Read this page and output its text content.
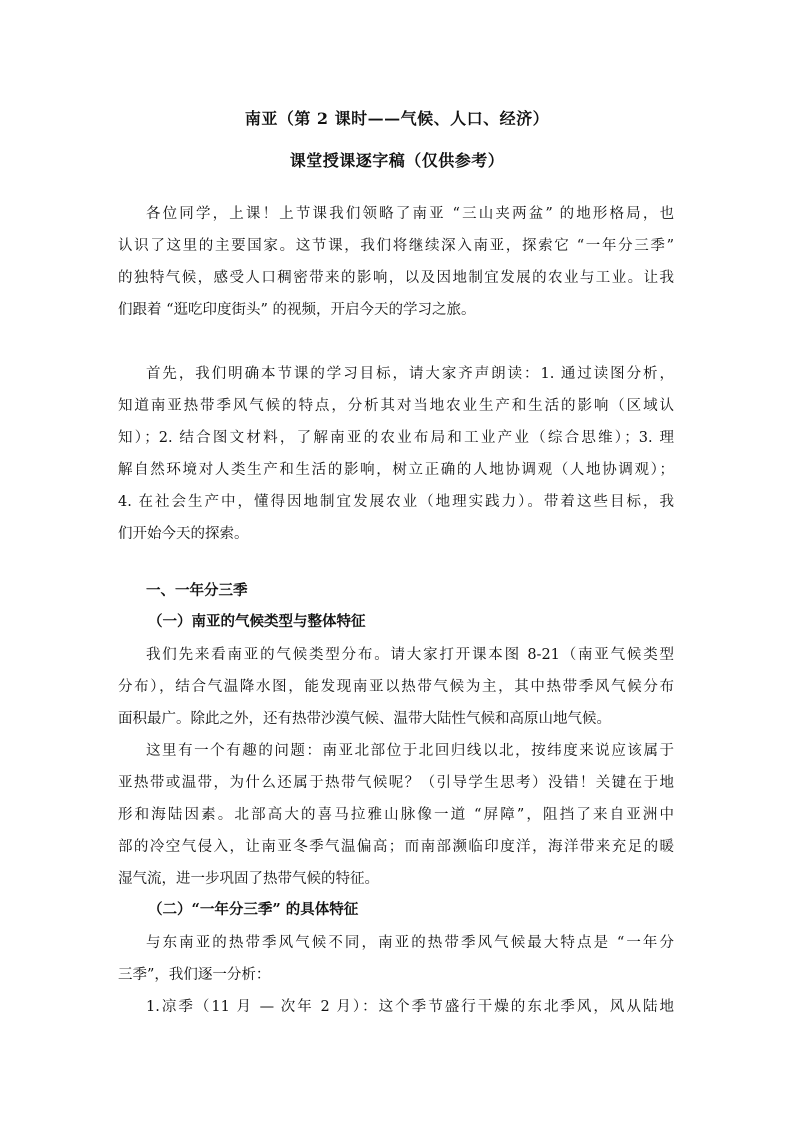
南亚（第 2 课时——气候、人口、经济）
课堂授课逐字稿（仅供参考）
各位同学，上课！上节课我们领略了南亚 “三山夹两盆” 的地形格局，也
认识了这里的主要国家。这节课，我们将继续深入南亚，探索它 “一年分三季”
的独特气候，感受人口稠密带来的影响，以及因地制宜发展的农业与工业。让我
们跟着 “逛吃印度街头” 的视频，开启今天的学习之旅。
首先，我们明确本节课的学习目标，请大家齐声朗读：1. 通过读图分析，
知道南亚热带季风气候的特点，分析其对当地农业生产和生活的影响（区域认
知）；2. 结合图文材料，了解南亚的农业布局和工业产业（综合思维）；3. 理
解自然环境对人类生产和生活的影响，树立正确的人地协调观（人地协调观）；
4. 在社会生产中，懂得因地制宜发展农业（地理实践力）。带着这些目标，我
们开始今天的探索。
一、一年分三季
（一）南亚的气候类型与整体特征
我们先来看南亚的气候类型分布。请大家打开课本图 8-21（南亚气候类型
分布），结合气温降水图，能发现南亚以热带气候为主，其中热带季风气候分布
面积最广。除此之外，还有热带沙漠气候、温带大陆性气候和高原山地气候。
这里有一个有趣的问题：南亚北部位于北回归线以北，按纬度来说应该属于
亚热带或温带，为什么还属于热带气候呢？（引导学生思考）没错！关键在于地
形和海陆因素。北部高大的喜马拉雅山脉像一道 “屏障”，阻挡了来自亚洲中
部的冷空气侵入，让南亚冬季气温偏高；而南部濒临印度洋，海洋带来充足的暖
湿气流，进一步巩固了热带气候的特征。
（二）“一年分三季” 的具体特征
与东南亚的热带季风气候不同，南亚的热带季风气候最大特点是 “一年分
三季”，我们逐一分析：
1.凉季（11 月 — 次年 2 月）：这个季节盛行干燥的东北季风，风从陆地
